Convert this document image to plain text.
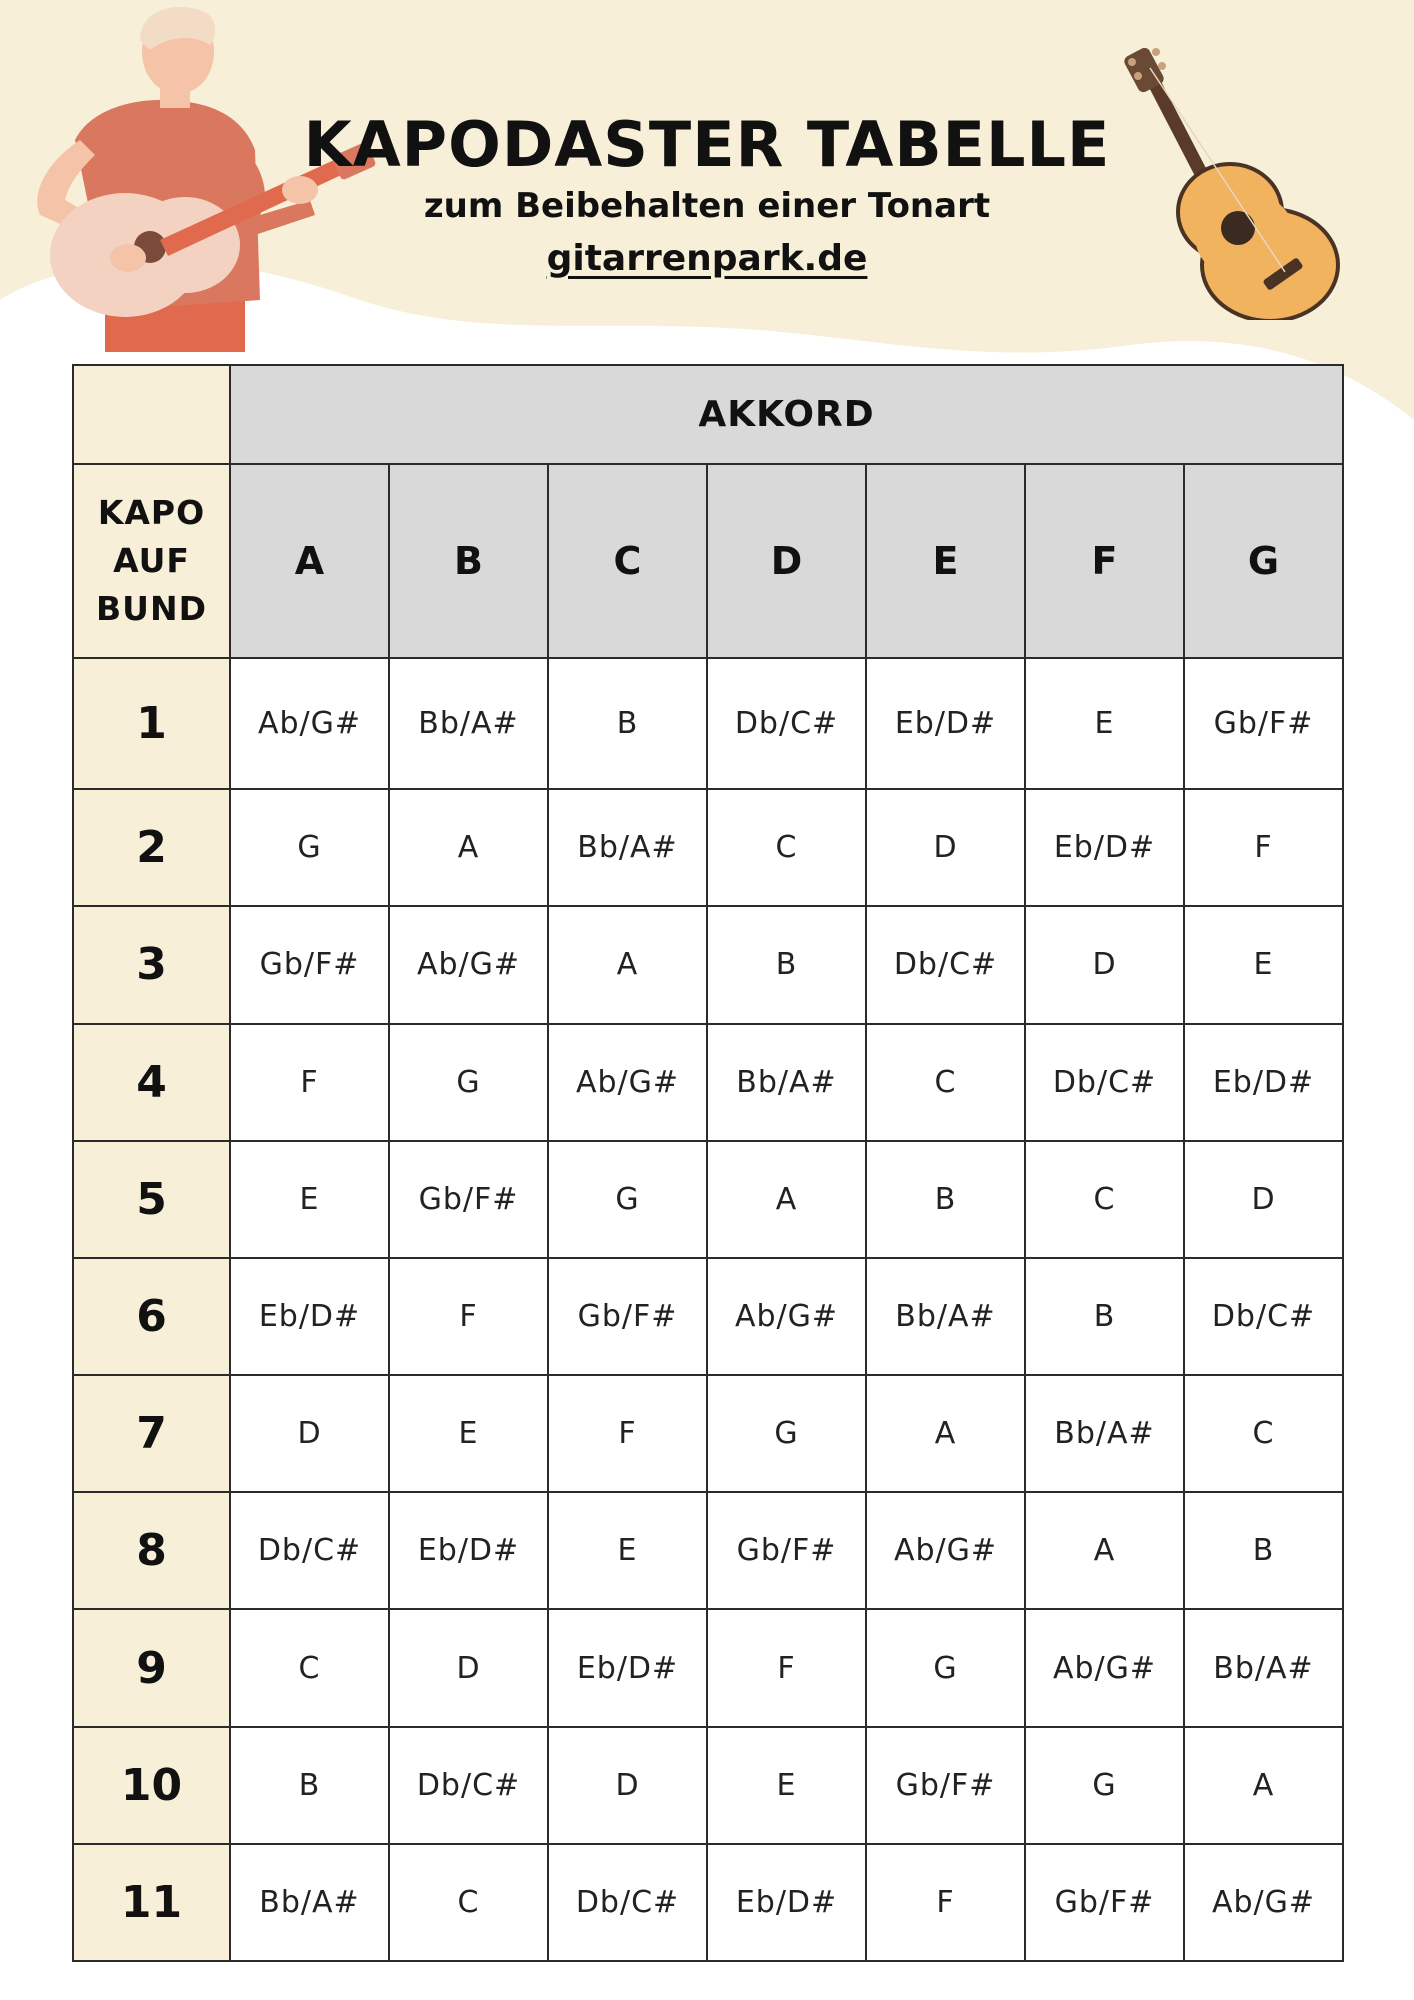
KAPODASTER TABELLE
zum Beibehalten einer Tonart
gitarrenpark.de
	AKKORD						

KAPO
AUF
BUND	A	B	C	D	E	F	G
1	Ab/G#	Bb/A#	B	Db/C#	Eb/D#	E	Gb/F#
2	G	A	Bb/A#	C	D	Eb/D#	F
3	Gb/F#	Ab/G#	A	B	Db/C#	D	E
4	F	G	Ab/G#	Bb/A#	C	Db/C#	Eb/D#
5	E	Gb/F#	G	A	B	C	D
6	Eb/D#	F	Gb/F#	Ab/G#	Bb/A#	B	Db/C#
7	D	E	F	G	A	Bb/A#	C
8	Db/C#	Eb/D#	E	Gb/F#	Ab/G#	A	B
9	C	D	Eb/D#	F	G	Ab/G#	Bb/A#
10	B	Db/C#	D	E	Gb/F#	G	A
11	Bb/A#	C	Db/C#	Eb/D#	F	Gb/F#	Ab/G#
